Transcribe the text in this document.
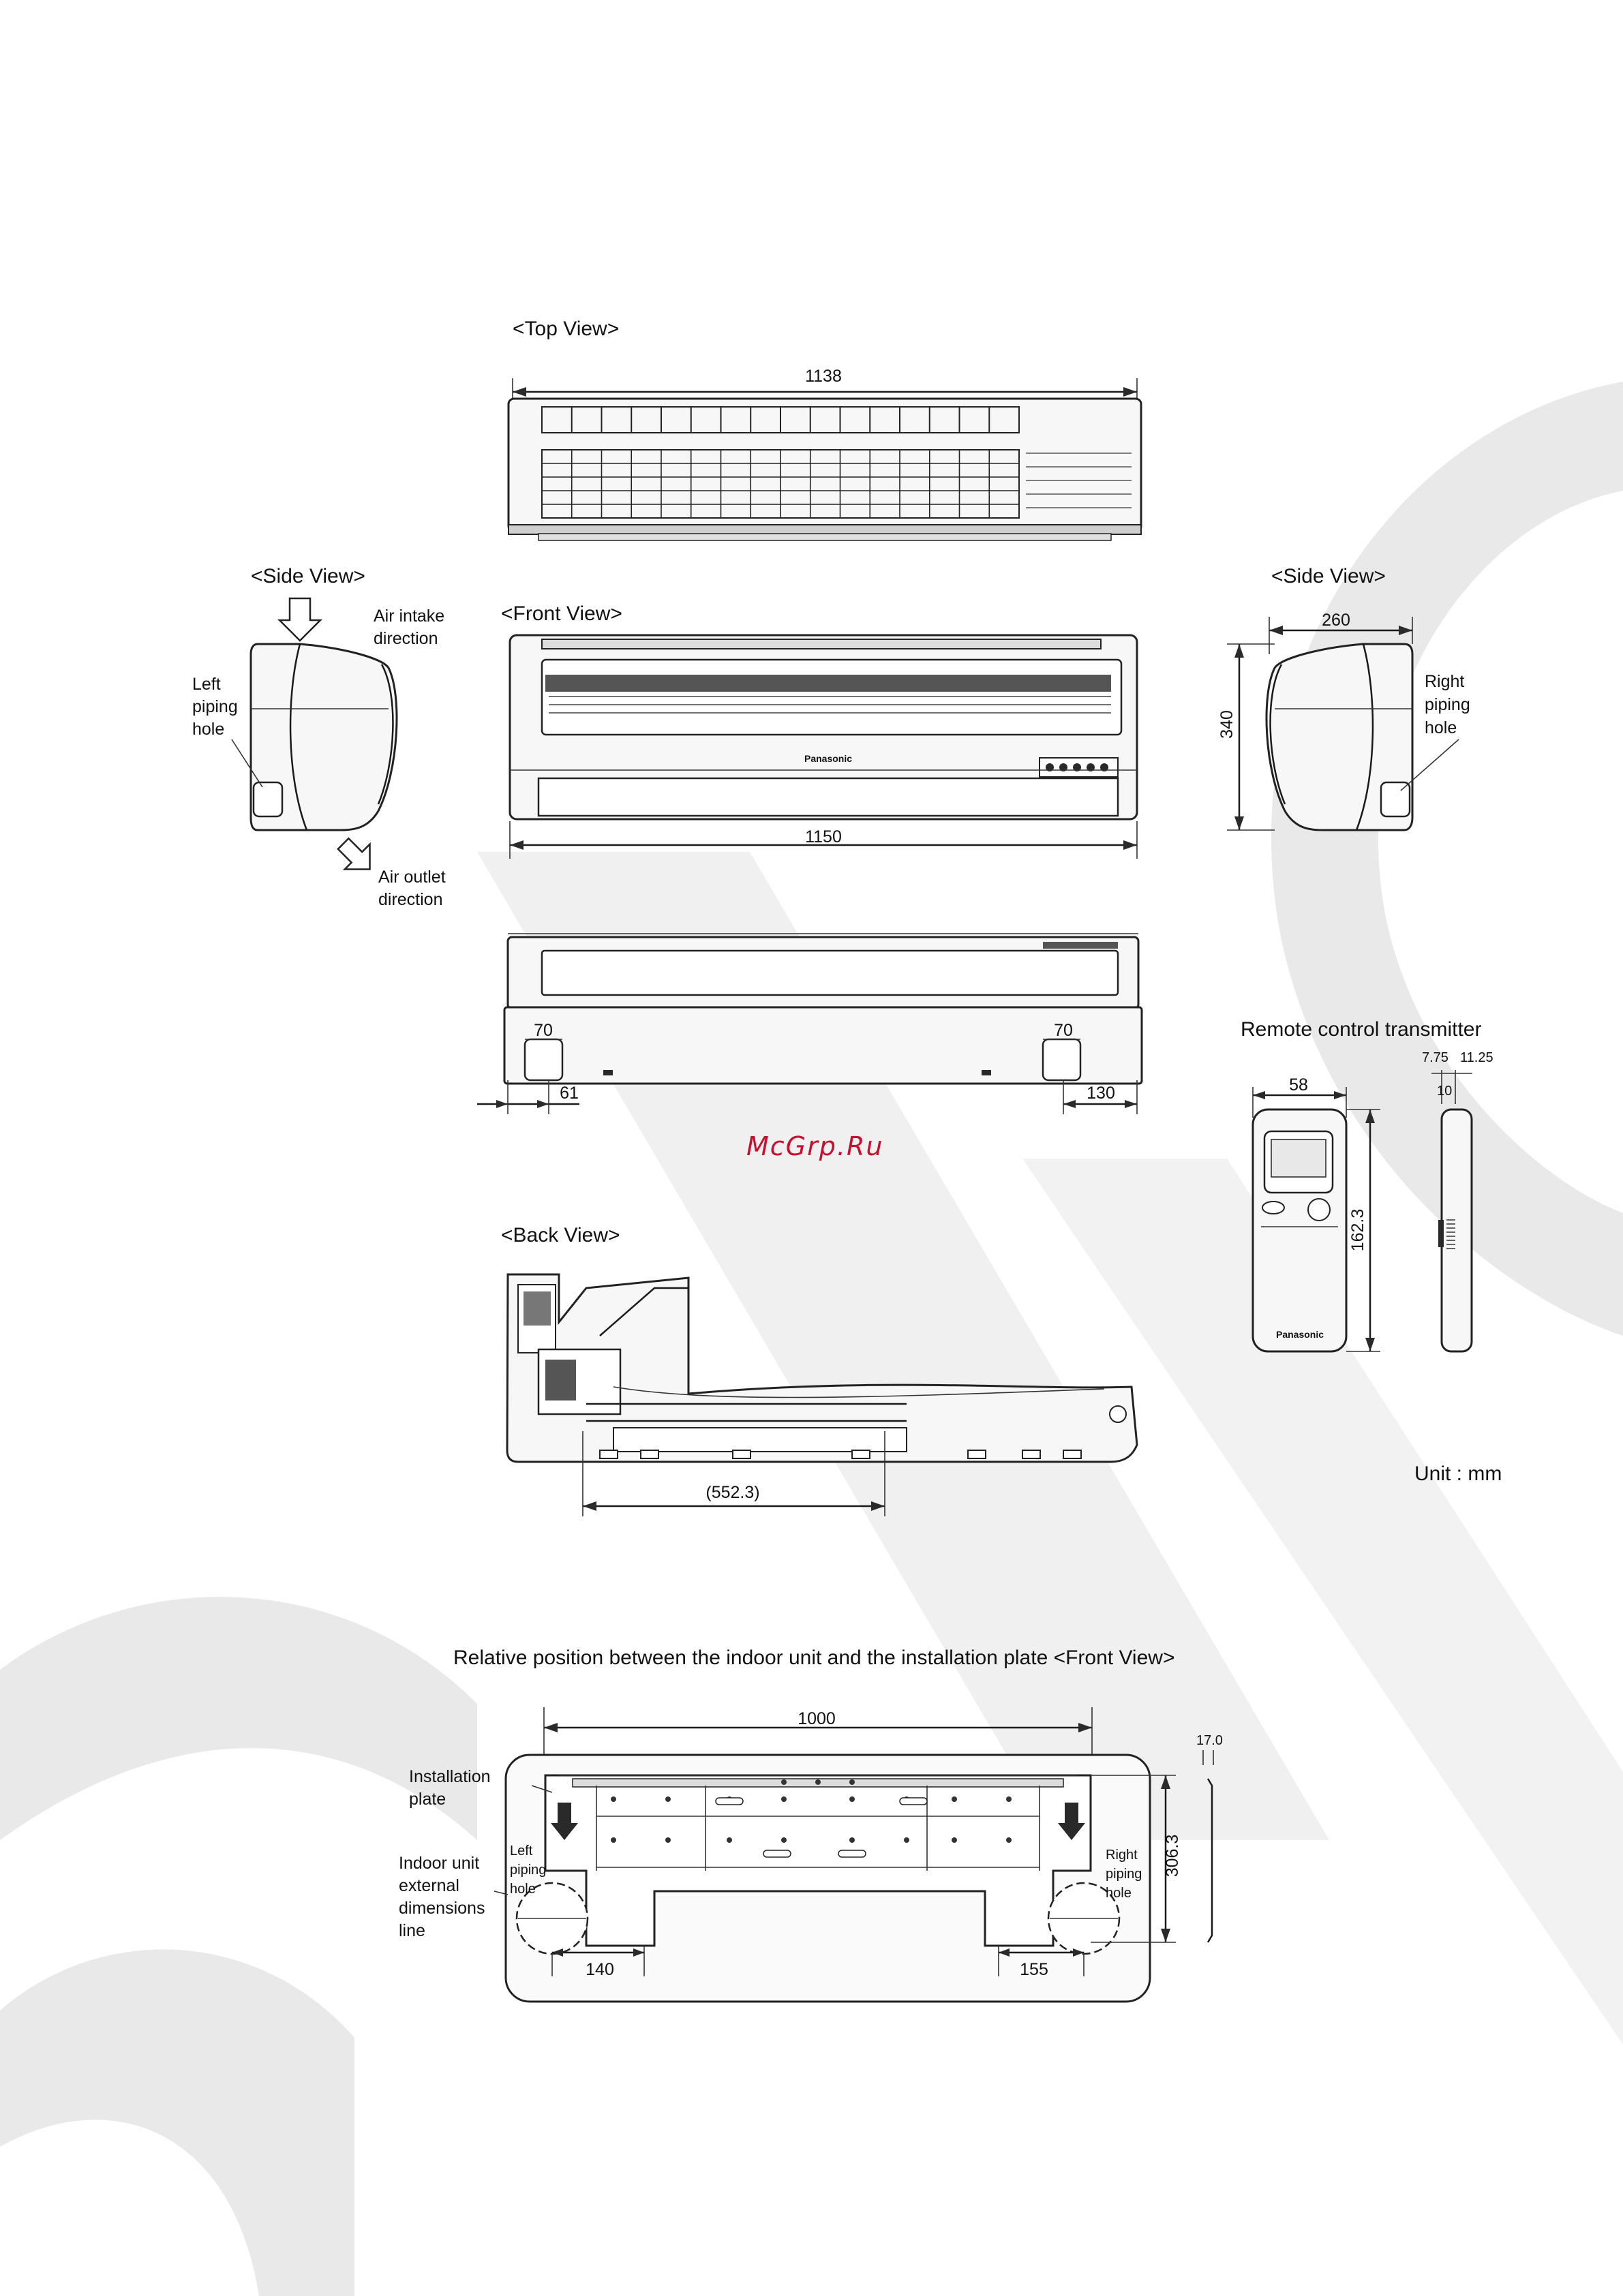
<Top View>
1138
<Front View>
Panasonic
1150
<Side View>
Air intake
direction
Left
piping
hole
Air outlet
direction
<Side View>
260
340
Right
piping
hole
70	70
61	130
McGrp.Ru
<Back View>
(552.3)
Remote control transmitter
7.75 11.25
10
58
Panasonic
162.3
Unit : mm
Relative position between the indoor unit and the installation plate <Front View>
1000
140	155
306.3
17.0
Installation
plate
Indoor unit
external
dimensions
line
Left
piping
hole
Right
piping
hole
